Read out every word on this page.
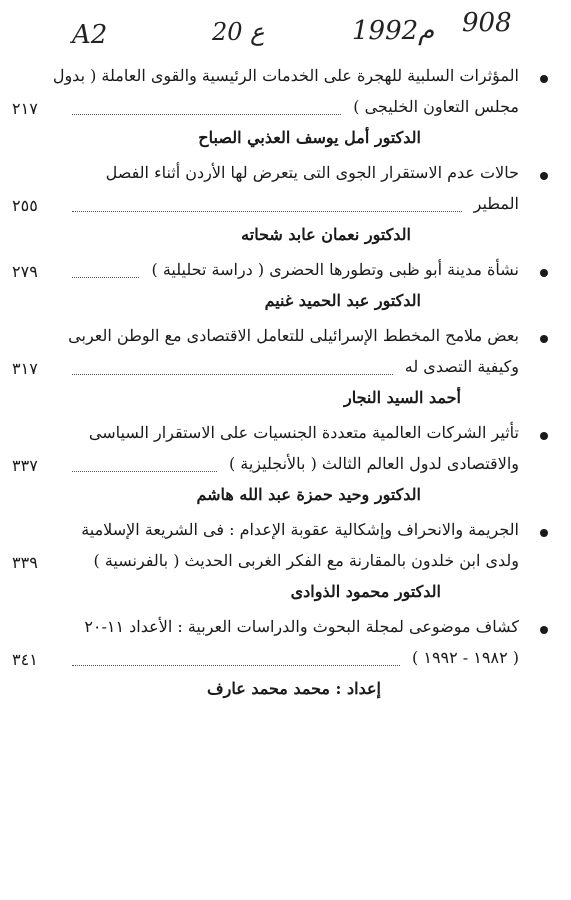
A2	20 ع	1992م 908
المؤثرات السلبية للهجرة على الخدمات الرئيسية والقوى العاملة ( بدول
مجلس التعاون الخليجى )
٢١٧
الدكتور أمل يوسف العذبي الصباح
حالات عدم الاستقرار الجوى التى يتعرض لها الأردن أثناء الفصل
المطير
٢٥٥
الدكتور نعمان عابد شحاته
نشأة مدينة أبو ظبى وتطورها الحضرى ( دراسة تحليلية )
٢٧٩
الدكتور عبد الحميد غنيم
بعض ملامح المخطط الإسرائيلى للتعامل الاقتصادى مع الوطن العربى
وكيفية التصدى له
٣١٧
أحمد السيد النجار
تأثير الشركات العالمية متعددة الجنسيات على الاستقرار السياسى
والاقتصادى لدول العالم الثالث ( بالأنجليزية )
٣٣٧
الدكتور وحيد حمزة عبد الله هاشم
الجريمة والانحراف وإشكالية عقوبة الإعدام : فى الشريعة الإسلامية
ولدى ابن خلدون بالمقارنة مع الفكر الغربى الحديث ( بالفرنسية )
٣٣٩
الدكتور محمود الذوادى
كشاف موضوعى لمجلة البحوث والدراسات العربية : الأعداد ١١-٢٠
( ١٩٨٢ - ١٩٩٢ )
٣٤١
إعداد : محمد محمد عارف
